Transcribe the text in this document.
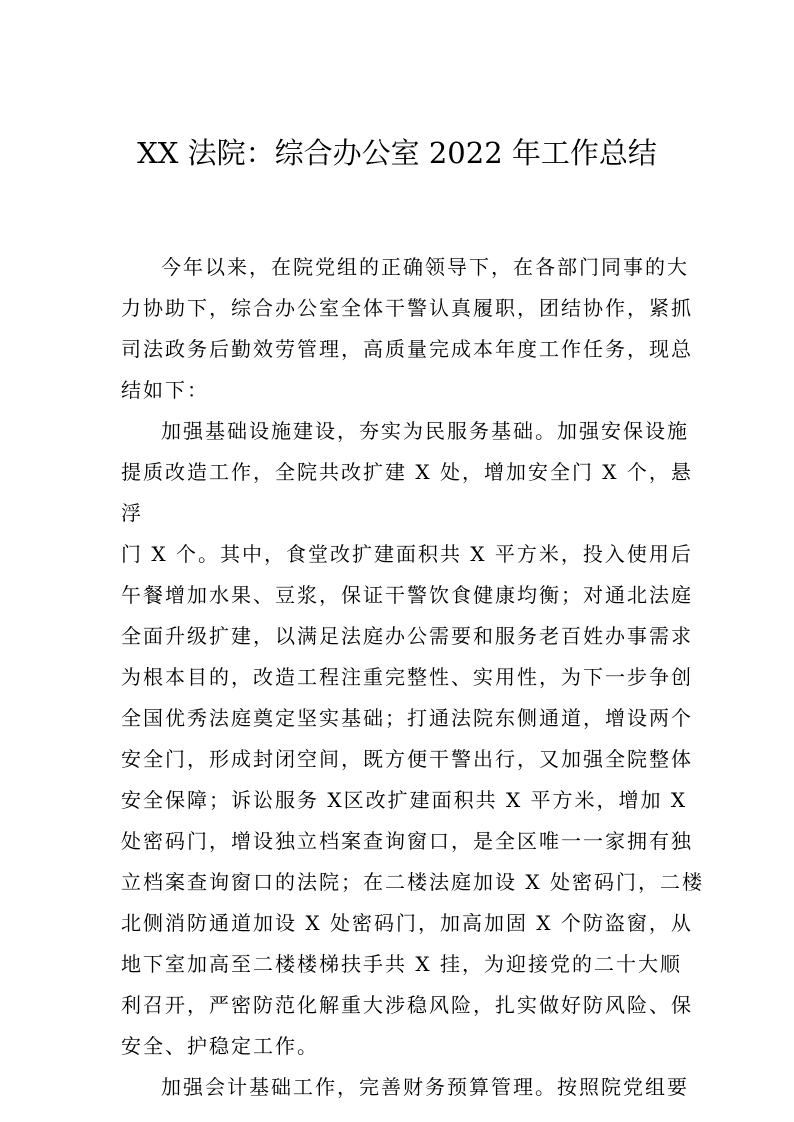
XX 法院：综合办公室 2022 年工作总结
今年以来，在院党组的正确领导下，在各部门同事的大
力协助下，综合办公室全体干警认真履职，团结协作，紧抓
司法政务后勤效劳管理，高质量完成本年度工作任务，现总
结如下：
加强基础设施建设，夯实为民服务基础。加强安保设施
提质改造工作，全院共改扩建 X 处，增加安全门 X 个，悬
浮
门 X 个。其中，食堂改扩建面积共 X 平方米，投入使用后
午餐增加水果、豆浆，保证干警饮食健康均衡；对通北法庭
全面升级扩建，以满足法庭办公需要和服务老百姓办事需求
为根本目的，改造工程注重完整性、实用性，为下一步争创
全国优秀法庭奠定坚实基础；打通法院东侧通道，增设两个
安全门，形成封闭空间，既方便干警出行，又加强全院整体
安全保障；诉讼服务 X区改扩建面积共 X 平方米，增加 X
处密码门，增设独立档案查询窗口，是全区唯一一家拥有独
立档案查询窗口的法院；在二楼法庭加设 X 处密码门，二楼
北侧消防通道加设 X 处密码门，加高加固 X 个防盗窗，从
地下室加高至二楼楼梯扶手共 X 挂，为迎接党的二十大顺
利召开，严密防范化解重大涉稳风险，扎实做好防风险、保
安全、护稳定工作。
加强会计基础工作，完善财务预算管理。按照院党组要
